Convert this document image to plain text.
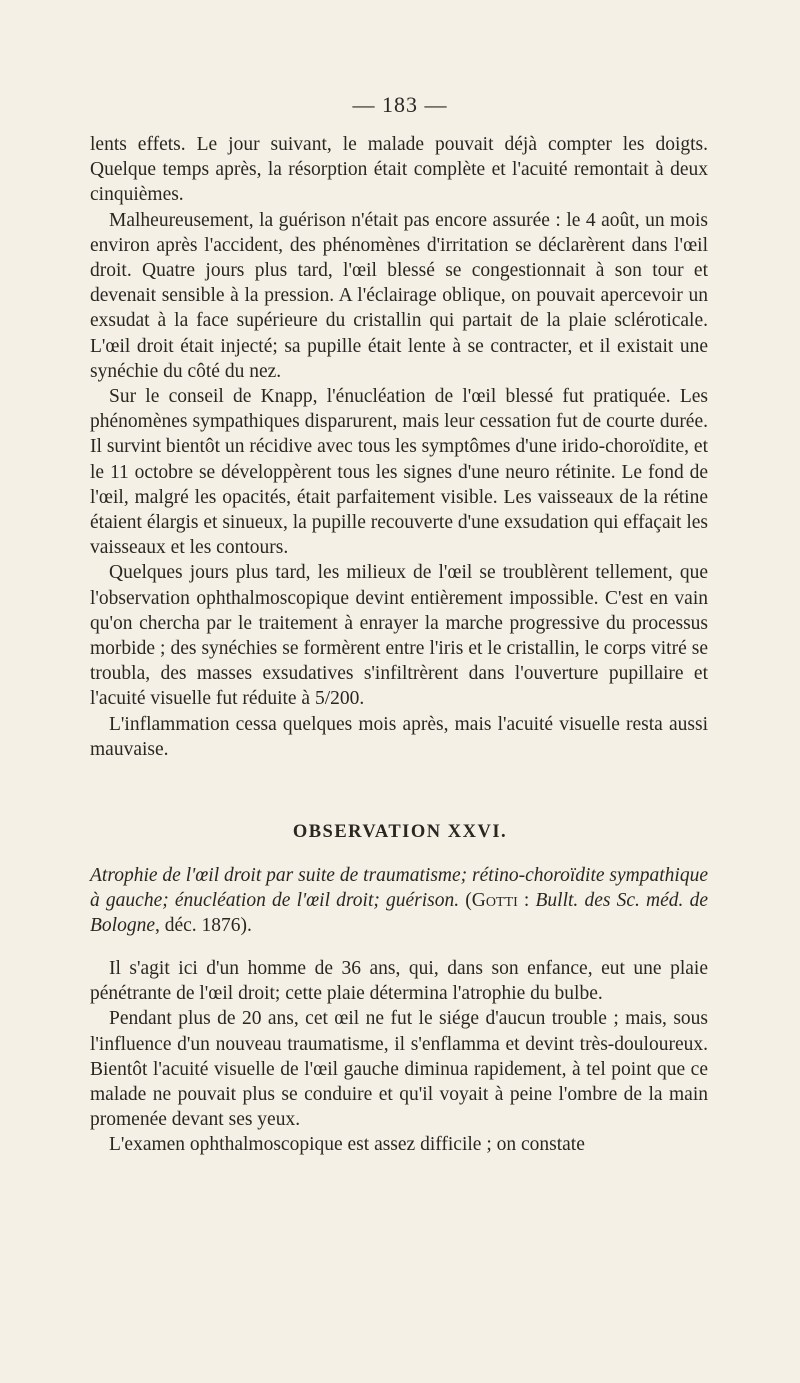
— 183 —

lents effets. Le jour suivant, le malade pouvait déjà compter les doigts. Quelque temps après, la résorption était complète et l'acuité remontait à deux cinquièmes.

Malheureusement, la guérison n'était pas encore assurée : le 4 août, un mois environ après l'accident, des phénomènes d'irritation se déclarèrent dans l'œil droit. Quatre jours plus tard, l'œil blessé se congestionnait à son tour et devenait sensible à la pression. A l'éclairage oblique, on pouvait apercevoir un exsudat à la face supérieure du cristallin qui partait de la plaie scléroticale. L'œil droit était injecté; sa pupille était lente à se contracter, et il existait une synéchie du côté du nez.

Sur le conseil de Knapp, l'énucléation de l'œil blessé fut pratiquée. Les phénomènes sympathiques disparurent, mais leur cessation fut de courte durée. Il survint bientôt un récidive avec tous les symptômes d'une irido-choroïdite, et le 11 octobre se développèrent tous les signes d'une neuro rétinite. Le fond de l'œil, malgré les opacités, était parfaitement visible. Les vaisseaux de la rétine étaient élargis et sinueux, la pupille recouverte d'une exsudation qui effaçait les vaisseaux et les contours.

Quelques jours plus tard, les milieux de l'œil se troublèrent tellement, que l'observation ophthalmoscopique devint entièrement impossible. C'est en vain qu'on chercha par le traitement à enrayer la marche progressive du processus morbide ; des synéchies se formèrent entre l'iris et le cristallin, le corps vitré se troubla, des masses exsudatives s'infiltrèrent dans l'ouverture pupillaire et l'acuité visuelle fut réduite à 5/200.

L'inflammation cessa quelques mois après, mais l'acuité visuelle resta aussi mauvaise.

OBSERVATION XXVI.

Atrophie de l'œil droit par suite de traumatisme; rétino-choroïdite sympathique à gauche; énucléation de l'œil droit; guérison. (Gotti : Bullt. des Sc. méd. de Bologne, déc. 1876).

Il s'agit ici d'un homme de 36 ans, qui, dans son enfance, eut une plaie pénétrante de l'œil droit; cette plaie détermina l'atrophie du bulbe.

Pendant plus de 20 ans, cet œil ne fut le siége d'aucun trouble ; mais, sous l'influence d'un nouveau traumatisme, il s'enflamma et devint très-douloureux. Bientôt l'acuité visuelle de l'œil gauche diminua rapidement, à tel point que ce malade ne pouvait plus se conduire et qu'il voyait à peine l'ombre de la main promenée devant ses yeux.

L'examen ophthalmoscopique est assez difficile ; on constate
